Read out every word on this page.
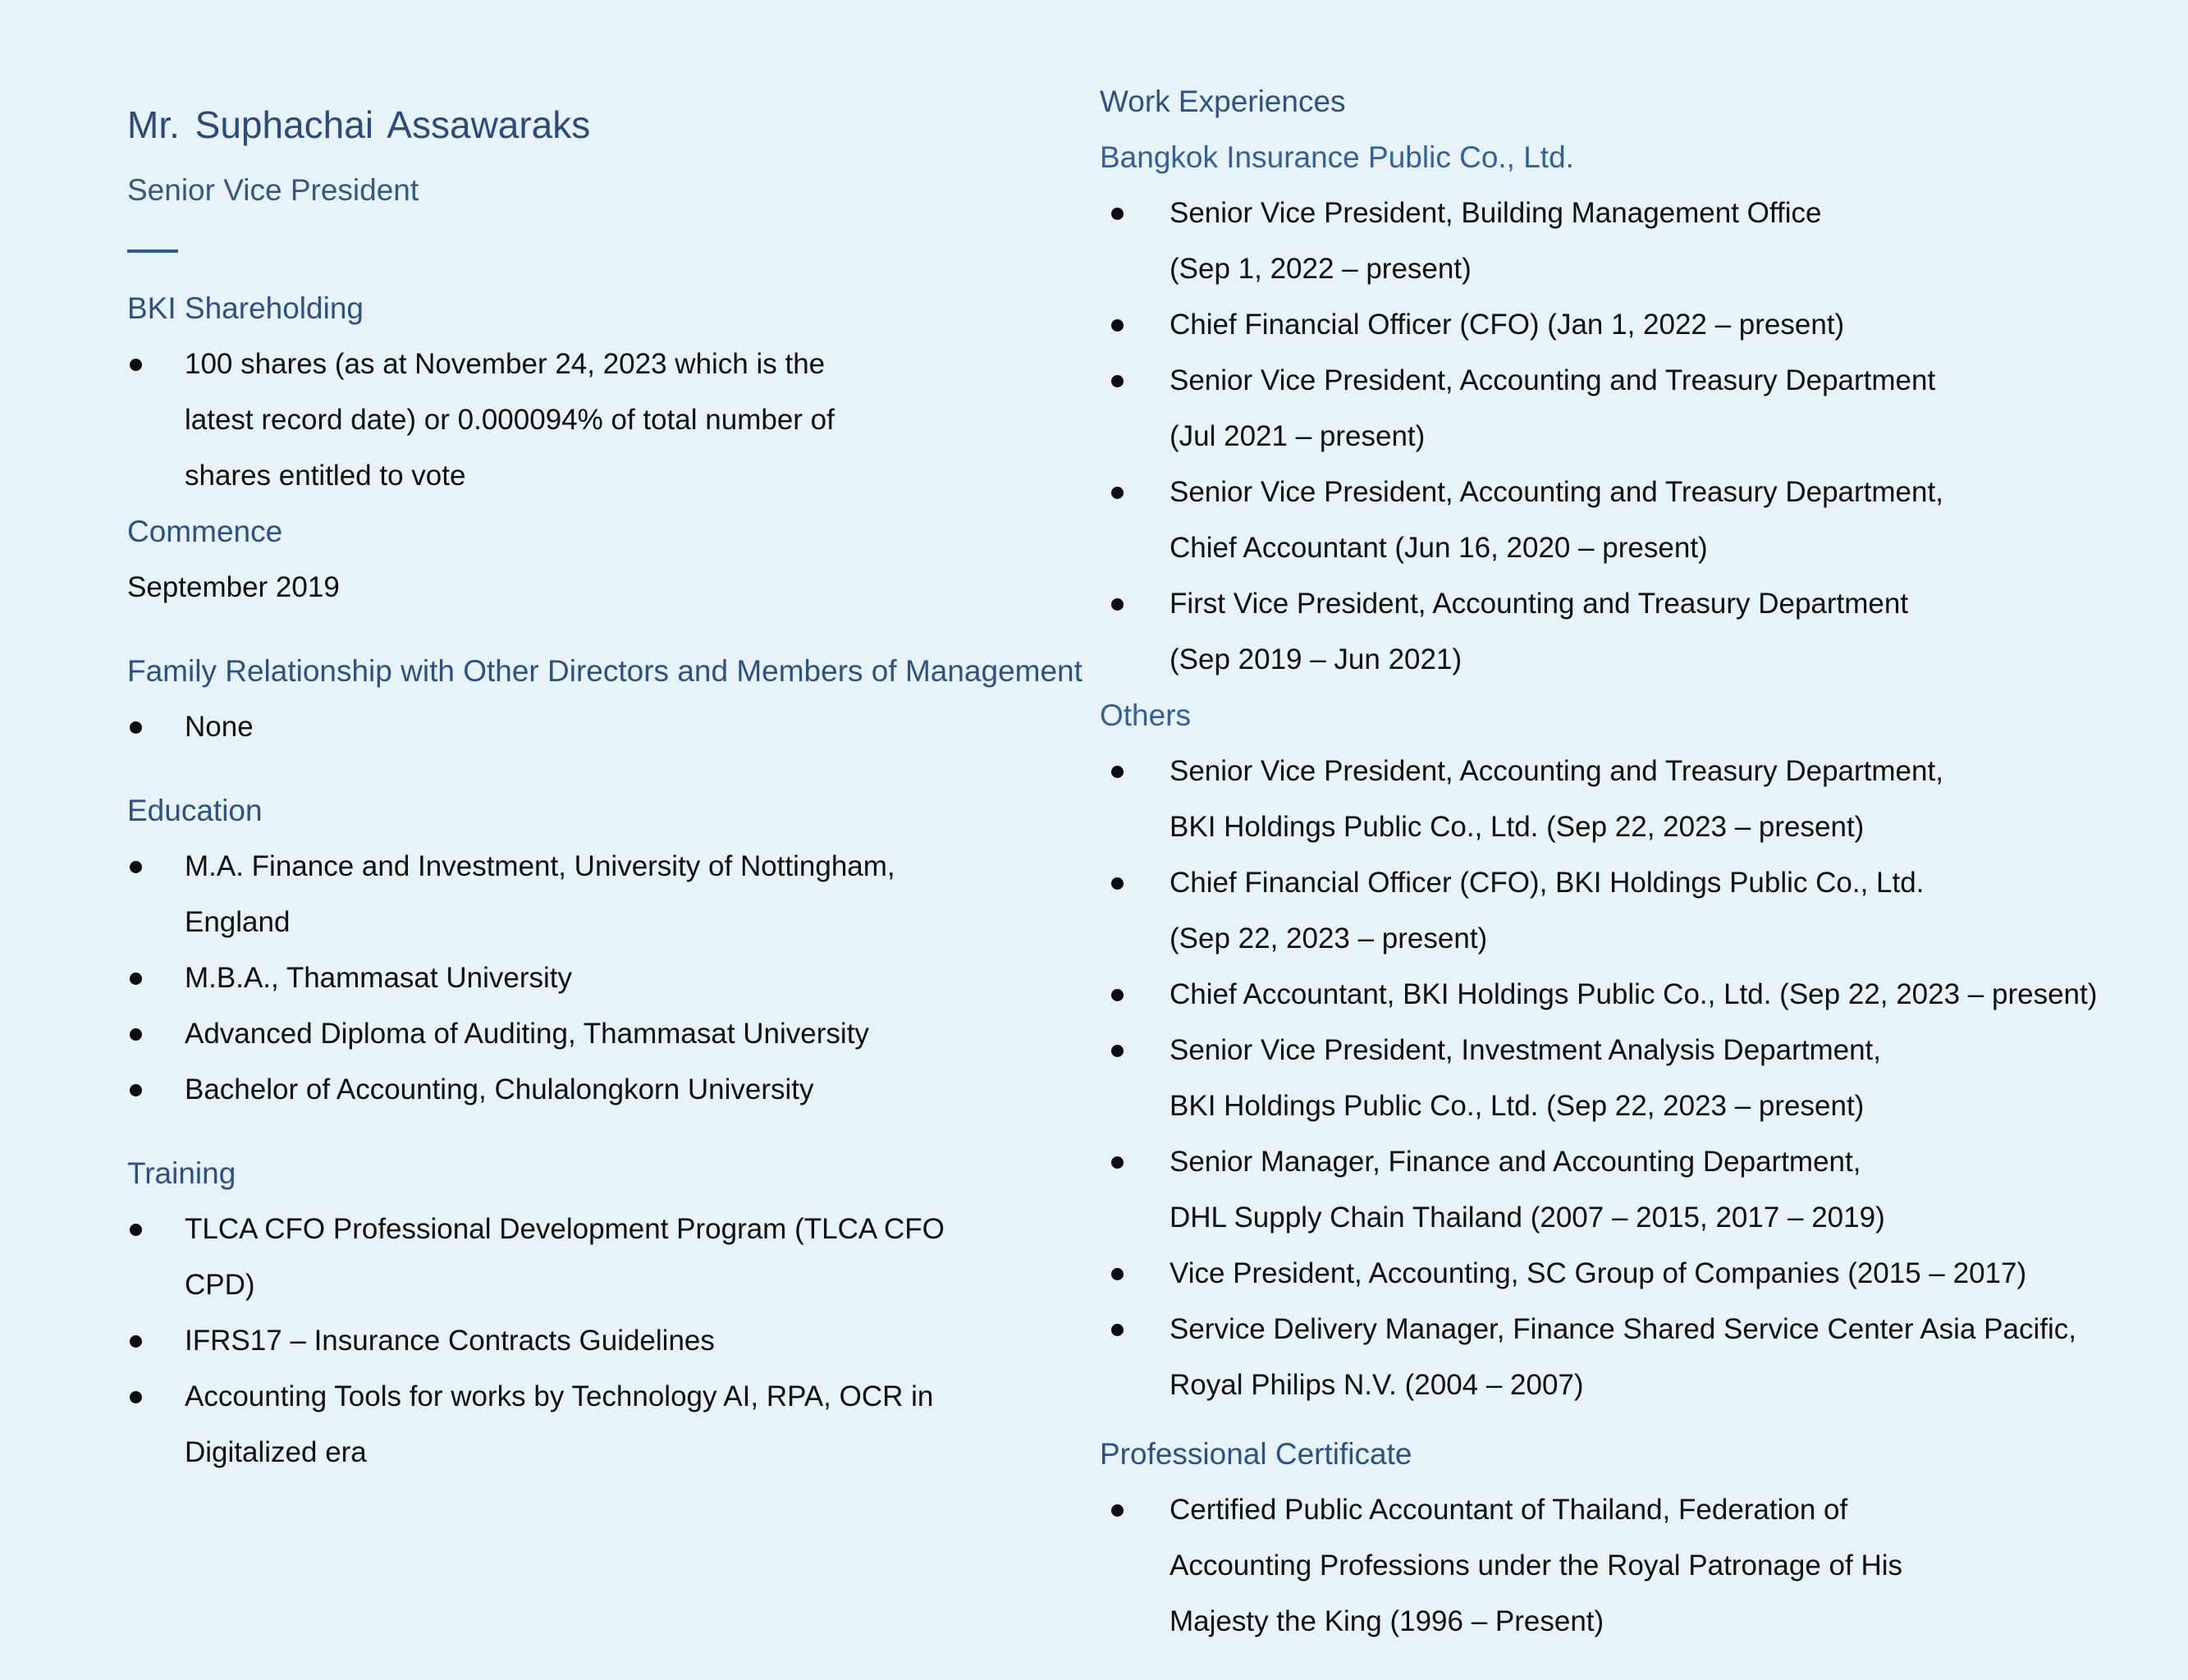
Mr. Suphachai Assawaraks
Senior Vice President
BKI Shareholding
100 shares (as at November 24, 2023 which is the
latest record date) or 0.000094% of total number of
shares entitled to vote
Commence
September 2019
Family Relationship with Other Directors and Members of Management
None
Education
M.A. Finance and Investment, University of Nottingham,
England
M.B.A., Thammasat University
Advanced Diploma of Auditing, Thammasat University
Bachelor of Accounting, Chulalongkorn University
Training
TLCA CFO Professional Development Program (TLCA CFO
CPD)
IFRS17 – Insurance Contracts Guidelines
Accounting Tools for works by Technology AI, RPA, OCR in
Digitalized era
Work Experiences
Bangkok Insurance Public Co., Ltd.
Senior Vice President, Building Management Office
(Sep 1, 2022 – present)
Chief Financial Officer (CFO) (Jan 1, 2022 – present)
Senior Vice President, Accounting and Treasury Department
(Jul 2021 – present)
Senior Vice President, Accounting and Treasury Department,
Chief Accountant (Jun 16, 2020 – present)
First Vice President, Accounting and Treasury Department
(Sep 2019 – Jun 2021)
Others
Senior Vice President, Accounting and Treasury Department,
BKI Holdings Public Co., Ltd. (Sep 22, 2023 – present)
Chief Financial Officer (CFO), BKI Holdings Public Co., Ltd.
(Sep 22, 2023 – present)
Chief Accountant, BKI Holdings Public Co., Ltd. (Sep 22, 2023 – present)
Senior Vice President, Investment Analysis Department,
BKI Holdings Public Co., Ltd. (Sep 22, 2023 – present)
Senior Manager, Finance and Accounting Department,
DHL Supply Chain Thailand (2007 – 2015, 2017 – 2019)
Vice President, Accounting, SC Group of Companies (2015 – 2017)
Service Delivery Manager, Finance Shared Service Center Asia Pacific,
Royal Philips N.V. (2004 – 2007)
Professional Certificate
Certified Public Accountant of Thailand, Federation of
Accounting Professions under the Royal Patronage of His
Majesty the King (1996 – Present)
